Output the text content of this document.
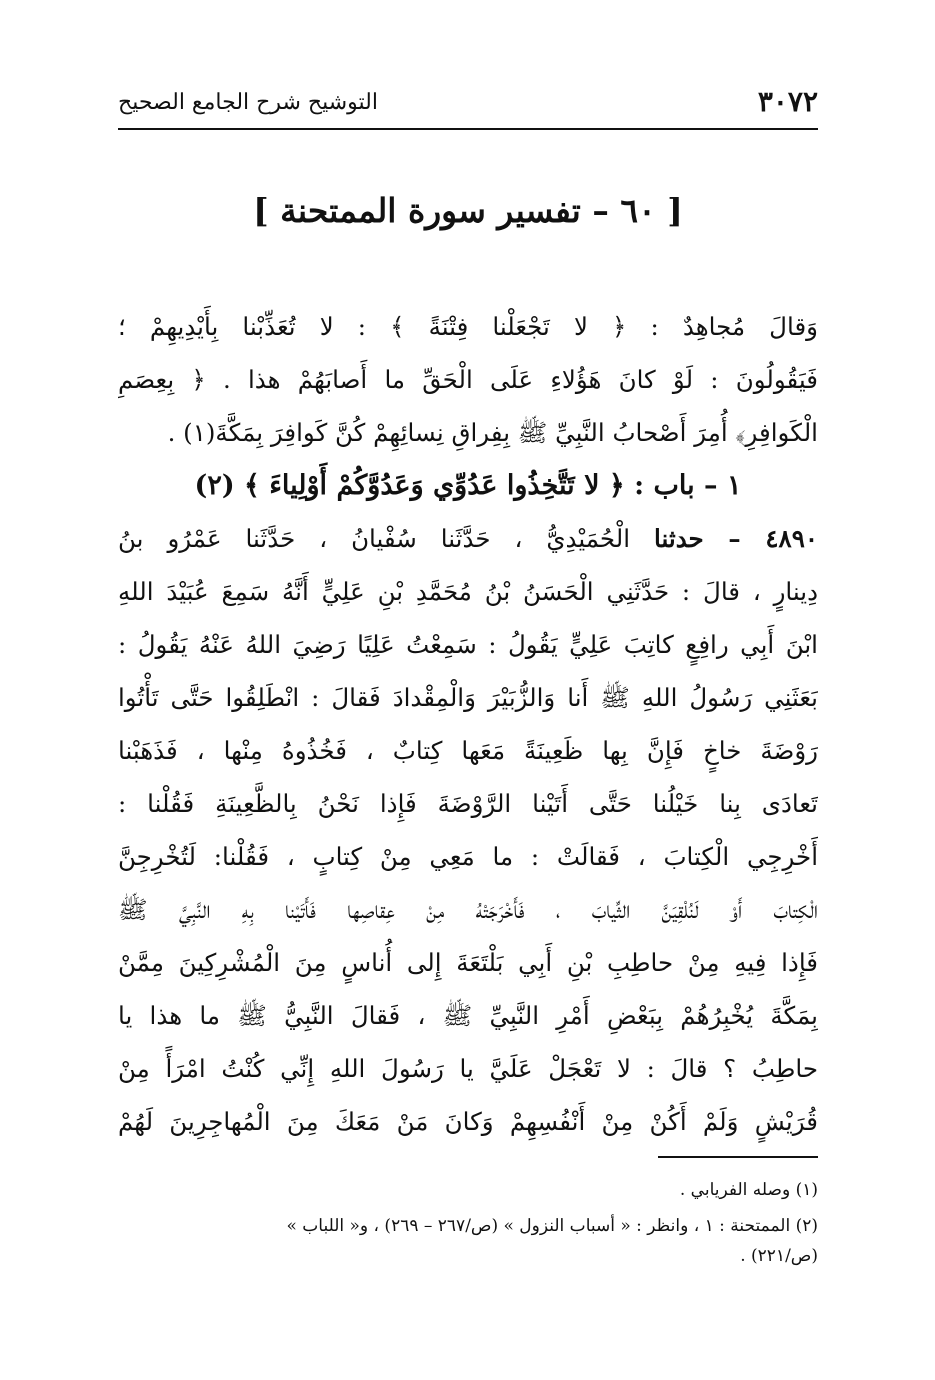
٣٠٧٢
التوشيح شرح الجامع الصحيح
[ ٦٠ – تفسير سورة الممتحنة ]
وَقالَ مُجاهِدٌ : ﴿ لا تَجْعَلْنا فِتْنَةً ﴾ : لا تُعَذِّبْنا بِأَيْدِيهِمْ ؛
فَيَقُولُونَ : لَوْ كانَ هَؤُلاءِ عَلَى الْحَقِّ ما أَصابَهُمْ هذا . ﴿ بِعِصَمِ
الْكَوافِرِ﴾ أُمِرَ أَصْحابُ النَّبِيِّ ﷺ بِفِراقِ نِسائِهِمْ كُنَّ كَوافِرَ بِمَكَّةَ(١) .
١ – باب : ﴿ لا تَتَّخِذُوا عَدُوِّي وَعَدُوَّكُمْ أَوْلِياءَ ﴾ (٢)
٤٨٩٠ – حدثنا الْحُمَيْدِيُّ ، حَدَّثَنا سُفْيانُ ، حَدَّثَنا عَمْرُو بنُ
دِينارٍ ، قالَ : حَدَّثَنِي الْحَسَنُ بْنُ مُحَمَّدِ بْنِ عَلِيٍّ أَنَّهُ سَمِعَ عُبَيْدَ اللهِ
ابْنَ أَبِي رافِعٍ كاتِبَ عَلِيٍّ يَقُولُ : سَمِعْتُ عَلِيًا رَضِيَ اللهُ عَنْهُ يَقُولُ :
بَعَثَنِي رَسُولُ اللهِ ﷺ أَنا وَالزُّبَيْرَ وَالْمِقْدادَ فَقالَ : انْطَلِقُوا حَتَّى تَأْتُوا
رَوْضَةَ خاخٍ فَإِنَّ بِها ظَعِينَةً مَعَها كِتابٌ ، فَخُذُوهُ مِنْها ، فَذَهَبْنا
تَعادَى بِنا خَيْلُنا حَتَّى أَتَيْنا الرَّوْضَةَ فَإِذا نَحْنُ بِالظَّعِينَةِ فَقُلْنا :
أَخْرِجِي الْكِتابَ ، فَقالَتْ : ما مَعِي مِنْ كِتابٍ ، فَقُلْنا: لَتُخْرِجِنَّ
الْكِتابَ أَوْ لَنُلْقِيَنَّ الثِّيابَ ، فَأَخْرَجَتْهُ مِنْ عِقاصِها فَأَتَيْنا بِهِ النَّبِيَّ ﷺ
فَإِذا فِيهِ مِنْ حاطِبِ بْنِ أَبِي بَلْتَعَةَ إِلى أُناسٍ مِنَ الْمُشْرِكِينَ مِمَّنْ
بِمَكَّةَ يُخْبِرُهُمْ بِبَعْضِ أَمْرِ النَّبِيِّ ﷺ ، فَقالَ النَّبِيُّ ﷺ ما هذا يا
حاطِبُ ؟ قالَ : لا تَعْجَلْ عَلَيَّ يا رَسُولَ اللهِ إِنِّي كُنْتُ امْرَأً مِنْ
قُرَيْشٍ وَلَمْ أَكُنْ مِنْ أَنْفُسِهِمْ وَكانَ مَنْ مَعَكَ مِنَ الْمُهاجِرِينَ لَهُمْ
(١) وصله الفريابي .
(٢) الممتحنة : ١ ، وانظر : « أسباب النزول » (ص/٢٦٧ – ٢٦٩) ، و« اللباب »
(ص/٢٢١) .
